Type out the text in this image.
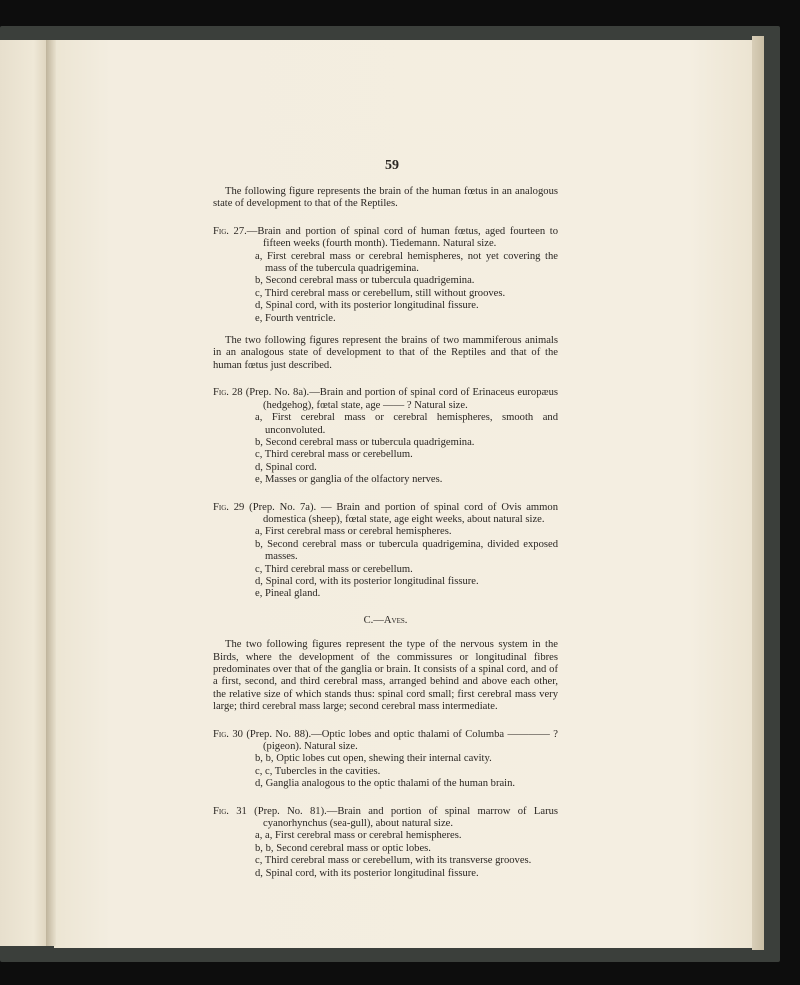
59

The following figure represents the brain of the human fœtus in an analogous state of development to that of the Reptiles.

Fig. 27.—Brain and portion of spinal cord of human fœtus, aged fourteen to fifteen weeks (fourth month). Tiedemann. Natural size.

a, First cerebral mass or cerebral hemispheres, not yet covering the mass of the tubercula quadrigemina.

b, Second cerebral mass or tubercula quadrigemina.

c, Third cerebral mass or cerebellum, still without grooves.

d, Spinal cord, with its posterior longitudinal fissure.

e, Fourth ventricle.

The two following figures represent the brains of two mammiferous animals in an analogous state of development to that of the Reptiles and that of the human fœtus just described.

Fig. 28 (Prep. No. 8a).—Brain and portion of spinal cord of Erinaceus europæus (hedgehog), fœtal state, age —— ? Natural size.

a, First cerebral mass or cerebral hemispheres, smooth and unconvoluted.

b, Second cerebral mass or tubercula quadrigemina.

c, Third cerebral mass or cerebellum.

d, Spinal cord.

e, Masses or ganglia of the olfactory nerves.

Fig. 29 (Prep. No. 7a). — Brain and portion of spinal cord of Ovis ammon domestica (sheep), fœtal state, age eight weeks, about natural size.

a, First cerebral mass or cerebral hemispheres.

b, Second cerebral mass or tubercula quadrigemina, divided exposed masses.

c, Third cerebral mass or cerebellum.

d, Spinal cord, with its posterior longitudinal fissure.

e, Pineal gland.

C.—Aves.

The two following figures represent the type of the nervous system in the Birds, where the development of the commissures or longitudinal fibres predominates over that of the ganglia or brain. It consists of a spinal cord, and of a first, second, and third cerebral mass, arranged behind and above each other, the relative size of which stands thus: spinal cord small; first cerebral mass very large; third cerebral mass large; second cerebral mass intermediate.

Fig. 30 (Prep. No. 88).—Optic lobes and optic thalami of Columba ———— ? (pigeon). Natural size.

b, b, Optic lobes cut open, shewing their internal cavity.

c, c, Tubercles in the cavities.

d, Ganglia analogous to the optic thalami of the human brain.

Fig. 31 (Prep. No. 81).—Brain and portion of spinal marrow of Larus cyanorhynchus (sea-gull), about natural size.

a, a, First cerebral mass or cerebral hemispheres.

b, b, Second cerebral mass or optic lobes.

c, Third cerebral mass or cerebellum, with its transverse grooves.

d, Spinal cord, with its posterior longitudinal fissure.
